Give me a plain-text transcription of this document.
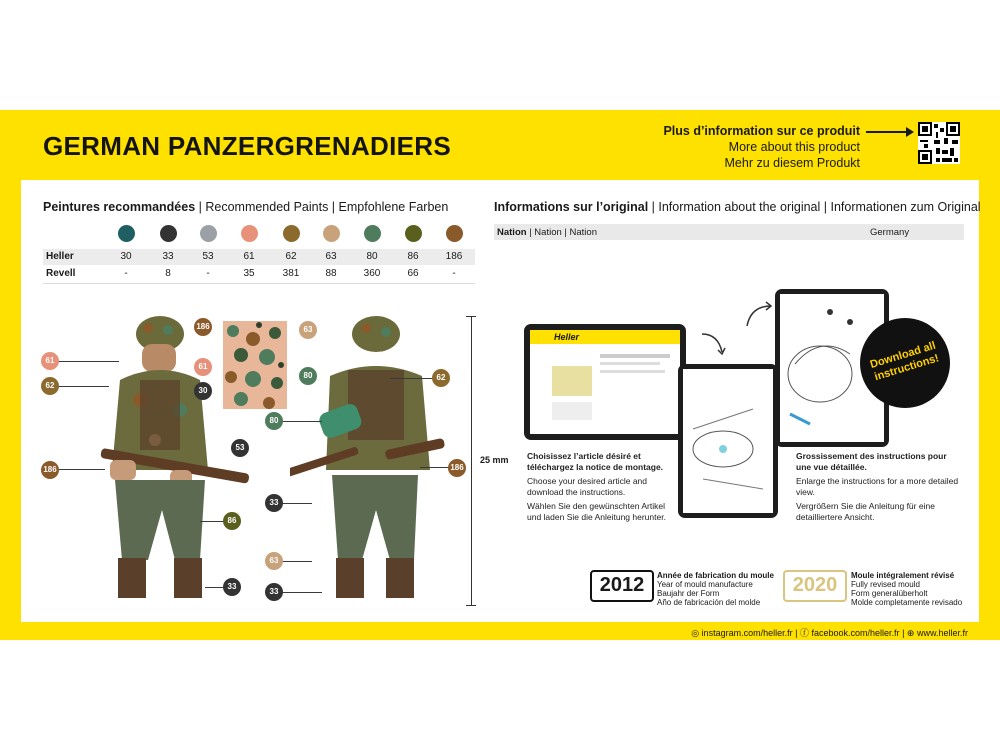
GERMAN PANZERGRENADIERS	Plus d’information sur ce produit
More about this product
Mehr zu diesem Produkt
Peintures recommandées | Recommended Paints | Empfohlene Farben
Heller	30	33	53	61	62	63	80	86	186
Revell	-	8	-	35	381	88	360	66	-
61
62
186
53
86
33
186
61
30
63
80	62
80
186
33
63
33
25 mm
Informations sur l’original | Information about the original | Informationen zum Original
Nation | Nation | Nation	Germany
Heller
Download all instructions!
Choisissez l’article désiré et téléchargez la notice de montage.
Choose your desired article and download the instructions.
Wählen Sie den gewünschten Artikel und laden Sie die Anleitung herunter.
Grossissement des instructions pour une vue détaillée.
Enlarge the instructions for a more detailed view.
Vergrößern Sie die Anleitung für eine detailliertere Ansicht.
2012	Année de fabrication du moule
Year of mould manufacture
Baujahr der Form
Año de fabricación del molde
2020	Moule intégralement révisé
Fully revised mould
Form generalüberholt
Molde completamente revisado
◎ instagram.com/heller.fr | ⓕ facebook.com/heller.fr | ⊕ www.heller.fr
